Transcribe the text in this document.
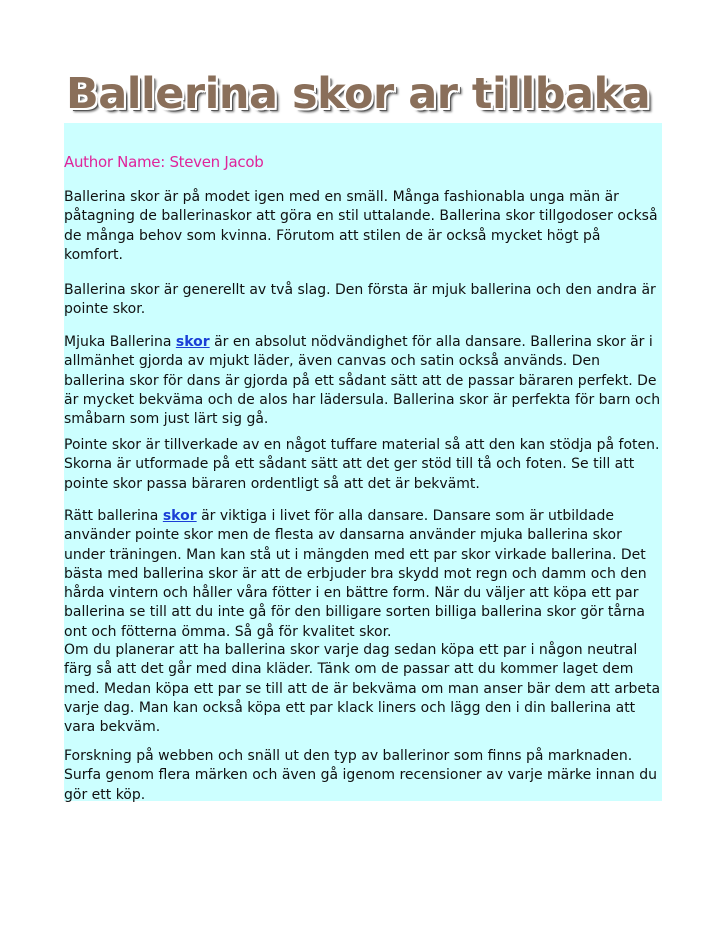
Ballerina skor ar tillbaka
Author Name: Steven Jacob

Ballerina skor är på modet igen med en smäll. Många fashionabla unga män är påtagning de ballerinaskor att göra en stil uttalande. Ballerina skor tillgodoser också de många behov som kvinna. Förutom att stilen de är också mycket högt på komfort.

Ballerina skor är generellt av två slag. Den första är mjuk ballerina och den andra är pointe skor.

Mjuka Ballerina skor är en absolut nödvändighet för alla dansare. Ballerina skor är i allmänhet gjorda av mjukt läder, även canvas och satin också används. Den ballerina skor för dans är gjorda på ett sådant sätt att de passar bäraren perfekt. De är mycket bekväma och de alos har lädersula. Ballerina skor är perfekta för barn och småbarn som just lärt sig gå.

Pointe skor är tillverkade av en något tuffare material så att den kan stödja på foten. Skorna är utformade på ett sådant sätt att det ger stöd till tå och foten. Se till att pointe skor passa bäraren ordentligt så att det är bekvämt.

Rätt ballerina skor är viktiga i livet för alla dansare. Dansare som är utbildade använder pointe skor men de flesta av dansarna använder mjuka ballerina skor under träningen. Man kan stå ut i mängden med ett par skor virkade ballerina. Det bästa med ballerina skor är att de erbjuder bra skydd mot regn och damm och den hårda vintern och håller våra fötter i en bättre form. När du väljer att köpa ett par ballerina se till att du inte gå för den billigare sorten billiga ballerina skor gör tårna ont och fötterna ömma. Så gå för kvalitet skor.

Om du planerar att ha ballerina skor varje dag sedan köpa ett par i någon neutral färg så att det går med dina kläder. Tänk om de passar att du kommer laget dem med. Medan köpa ett par se till att de är bekväma om man anser bär dem att arbeta varje dag. Man kan också köpa ett par klack liners och lägg den i din ballerina att vara bekväm.

Forskning på webben och snäll ut den typ av ballerinor som finns på marknaden. Surfa genom flera märken och även gå igenom recensioner av varje märke innan du gör ett köp.
